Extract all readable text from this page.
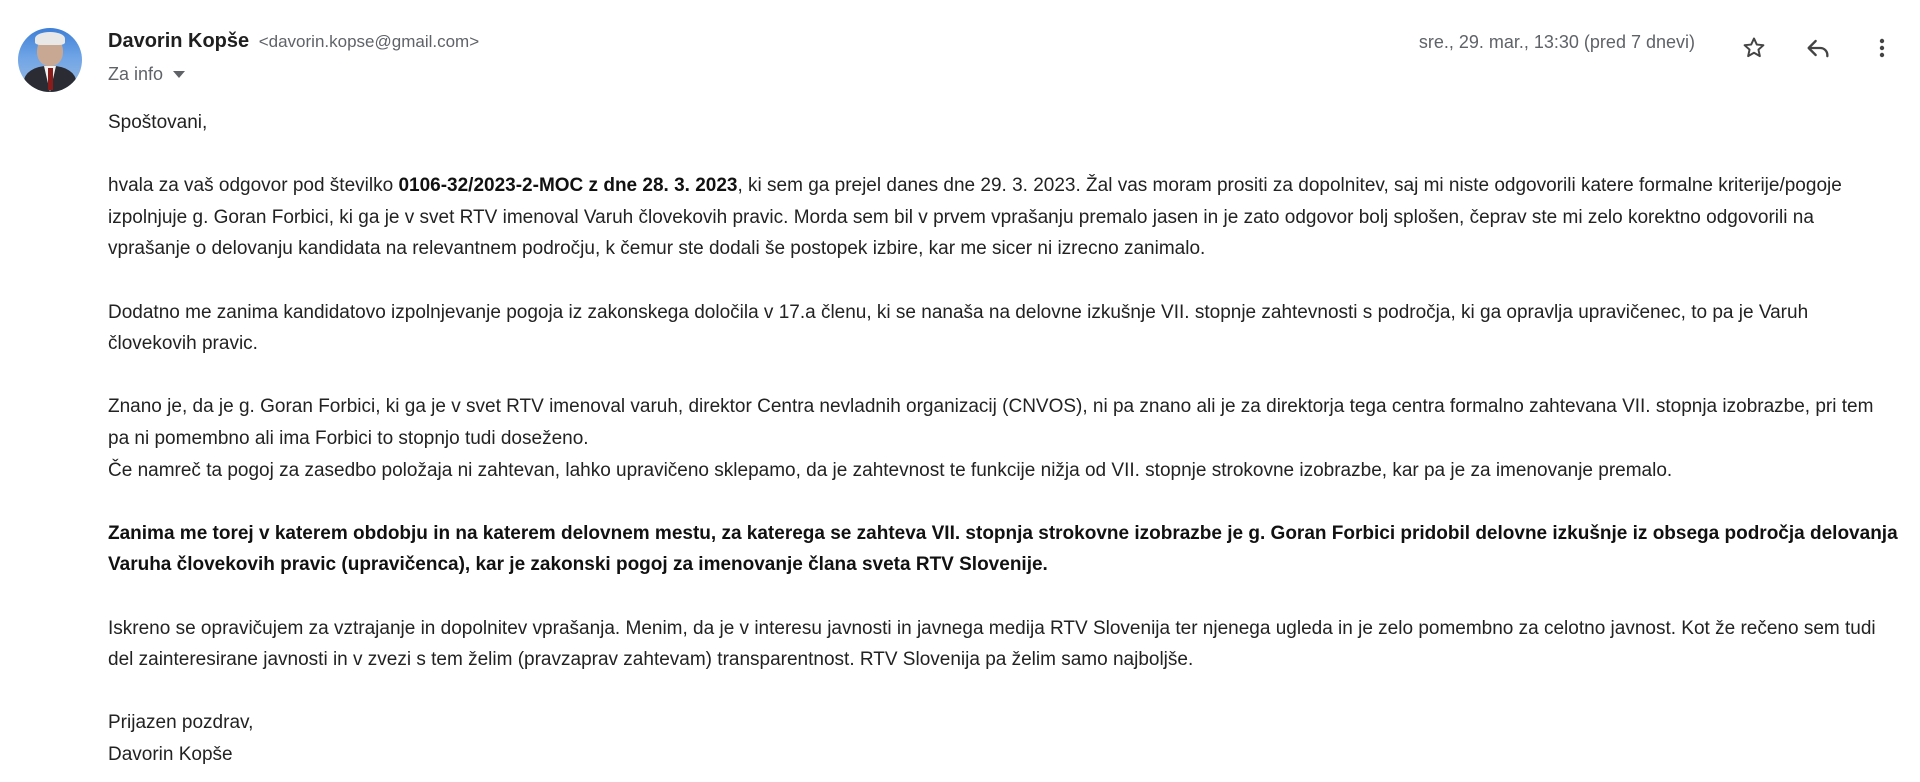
Davorin Kopše <davorin.kopse@gmail.com>
Za info
sre., 29. mar., 13:30 (pred 7 dnevi)

Spoštovani,

hvala za vaš odgovor pod številko 0106-32/2023-2-MOC z dne 28. 3. 2023, ki sem ga prejel danes dne 29. 3. 2023. Žal vas moram prositi za dopolnitev, saj mi niste odgovorili katere formalne kriterije/pogoje izpolnjuje g. Goran Forbici, ki ga je v svet RTV imenoval Varuh človekovih pravic. Morda sem bil v prvem vprašanju premalo jasen in je zato odgovor bolj splošen, čeprav ste mi zelo korektno odgovorili na vprašanje o delovanju kandidata na relevantnem področju, k čemur ste dodali še postopek izbire, kar me sicer ni izrecno zanimalo.

Dodatno me zanima kandidatovo izpolnjevanje pogoja iz zakonskega določila v 17.a členu, ki se nanaša na delovne izkušnje VII. stopnje zahtevnosti s področja, ki ga opravlja upravičenec, to pa je Varuh človekovih pravic.

Znano je, da je g. Goran Forbici, ki ga je v svet RTV imenoval varuh, direktor Centra nevladnih organizacij (CNVOS), ni pa znano ali je za direktorja tega centra formalno zahtevana VII. stopnja izobrazbe, pri tem pa ni pomembno ali ima Forbici to stopnjo tudi doseženo.

Če namreč ta pogoj za zasedbo položaja ni zahtevan, lahko upravičeno sklepamo, da je zahtevnost te funkcije nižja od VII. stopnje strokovne izobrazbe, kar pa je za imenovanje premalo.

Zanima me torej v katerem obdobju in na katerem delovnem mestu, za katerega se zahteva VII. stopnja strokovne izobrazbe je g. Goran Forbici pridobil delovne izkušnje iz obsega področja delovanja Varuha človekovih pravic (upravičenca), kar je zakonski pogoj za imenovanje člana sveta RTV Slovenije.

Iskreno se opravičujem za vztrajanje in dopolnitev vprašanja. Menim, da je v interesu javnosti in javnega medija RTV Slovenija ter njenega ugleda in je zelo pomembno za celotno javnost. Kot že rečeno sem tudi del zainteresirane javnosti in v zvezi s tem želim (pravzaprav zahtevam) transparentnost. RTV Slovenija pa želim samo najboljše.

Prijazen pozdrav,

Davorin Kopše
